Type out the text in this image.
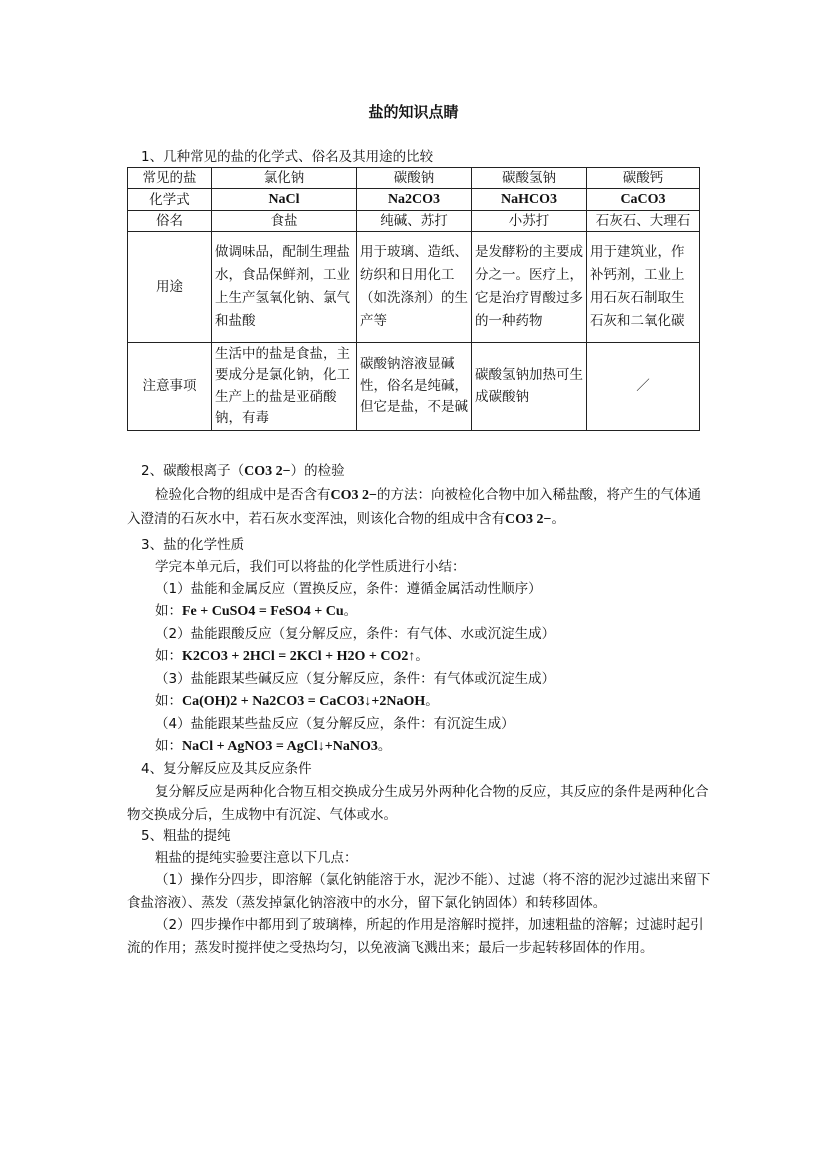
盐的知识点睛
1、几种常见的盐的化学式、俗名及其用途的比较
常见的盐	氯化钠	碳酸钠	碳酸氢钠	碳酸钙
化学式	NaCl	Na2CO3	NaHCO3	CaCO3
俗名	食盐	纯碱、苏打	小苏打	石灰石、大理石
用途	做调味品，配制生理盐水，食品保鲜剂，工业上生产氢氧化钠、氯气和盐酸	用于玻璃、造纸、纺织和日用化工（如洗涤剂）的生产等	是发酵粉的主要成分之一。医疗上，它是治疗胃酸过多的一种药物	用于建筑业，作补钙剂，工业上用石灰石制取生石灰和二氧化碳
注意事项	生活中的盐是食盐，主要成分是氯化钠，化工生产上的盐是亚硝酸钠，有毒	碳酸钠溶液显碱性，俗名是纯碱，但它是盐，不是碱	碳酸氢钠加热可生成碳酸钠	／
2、碳酸根离子（CO3 2−）的检验
检验化合物的组成中是否含有CO3 2−的方法：向被检化合物中加入稀盐酸，将产生的气体通入澄清的石灰水中，若石灰水变浑浊，则该化合物的组成中含有CO3 2−。
3、盐的化学性质
学完本单元后，我们可以将盐的化学性质进行小结：
（1）盐能和金属反应（置换反应，条件：遵循金属活动性顺序）
如：Fe + CuSO4 = FeSO4 + Cu。
（2）盐能跟酸反应（复分解反应，条件：有气体、水或沉淀生成）
如：K2CO3 + 2HCl = 2KCl + H2O + CO2↑。
（3）盐能跟某些碱反应（复分解反应，条件：有气体或沉淀生成）
如：Ca(OH)2 + Na2CO3 = CaCO3↓+2NaOH。
（4）盐能跟某些盐反应（复分解反应，条件：有沉淀生成）
如：NaCl + AgNO3 = AgCl↓+NaNO3。
4、复分解反应及其反应条件
复分解反应是两种化合物互相交换成分生成另外两种化合物的反应，其反应的条件是两种化合物交换成分后，生成物中有沉淀、气体或水。
5、粗盐的提纯
粗盐的提纯实验要注意以下几点：
（1）操作分四步，即溶解（氯化钠能溶于水，泥沙不能）、过滤（将不溶的泥沙过滤出来留下食盐溶液）、蒸发（蒸发掉氯化钠溶液中的水分，留下氯化钠固体）和转移固体。
（2）四步操作中都用到了玻璃棒，所起的作用是溶解时搅拌，加速粗盐的溶解；过滤时起引流的作用；蒸发时搅拌使之受热均匀，以免液滴飞溅出来；最后一步起转移固体的作用。
